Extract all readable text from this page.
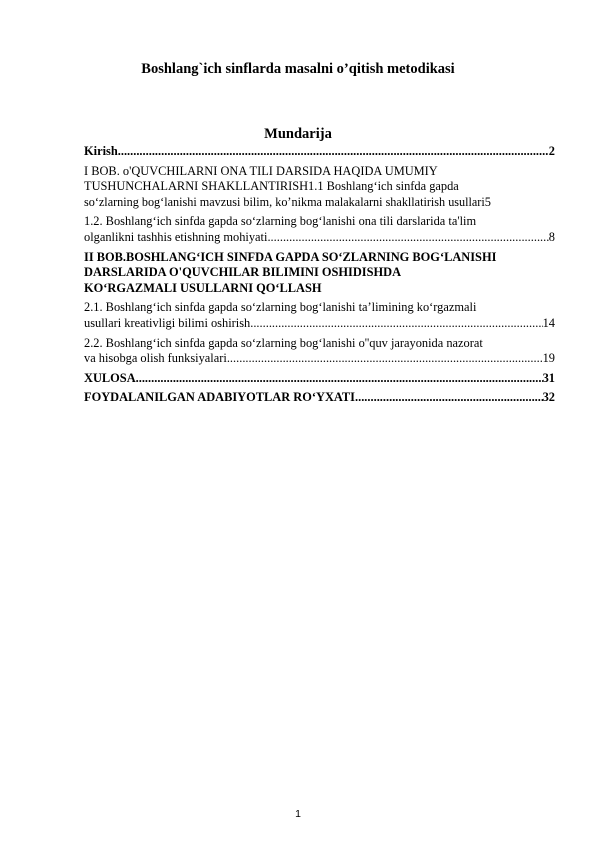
Boshlang`ich sinflarda masalni o’qitish metodikasi
Mundarija
Kirish .....	2
I BOB. o'QUVCHILARNI ONA TILI DARSIDA HAQIDA UMUMIY
TUSHUNCHALARNI SHAKLLANTIRISH1.1 Boshlang‘ich sinfda gapda
so‘zlarning bog‘lanishi mavzusi bilim, ko’nikma malakalarni shakllatirish usullari 5
1.2. Boshlang‘ich sinfda gapda so‘zlarning bog‘lanishi ona tili darslarida ta'lim
olganlikni tashhis etishning mohiyati .....	8
II BOB.BOSHLANG‘ICH SINFDA GAPDA SO‘ZLARNING BOG‘LANISHI
DARSLARIDA O'QUVCHILAR BILIMINI OSHIDISHDA
KO‘RGAZMALI USULLARNI QO‘LLASH
2.1. Boshlang‘ich sinfda gapda so‘zlarning bog‘lanishi ta’limining ko‘rgazmali
usullari kreativligi bilimi oshirish .....	14
2.2. Boshlang‘ich sinfda gapda so‘zlarning bog‘lanishi o''quv jarayonida nazorat
va hisobga olish funksiyalari .....	19
XULOSA .....	31
FOYDALANILGAN ADABIYOTLAR RO‘YXATI .....	32
1
